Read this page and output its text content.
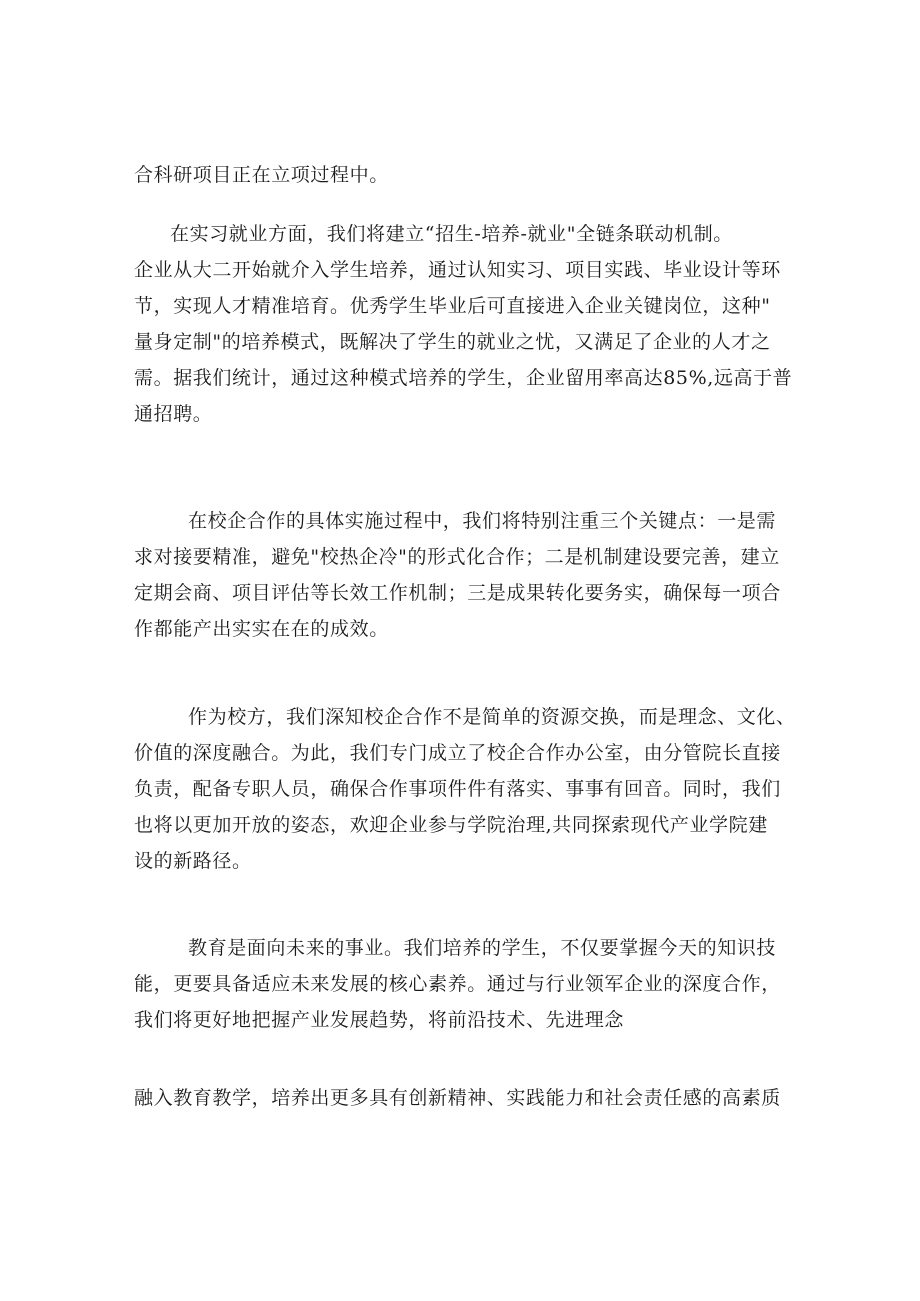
合科研项目正在立项过程中。
在实习就业方面，我们将建立“招生-培养-就业"全链条联动机制。
企业从大二开始就介入学生培养，通过认知实习、项目实践、毕业设计等环
节，实现人才精准培育。优秀学生毕业后可直接进入企业关键岗位，这种"
量身定制"的培养模式，既解决了学生的就业之忧，又满足了企业的人才之
需。据我们统计，通过这种模式培养的学生，企业留用率高达85%,远高于普
通招聘。
在校企合作的具体实施过程中，我们将特别注重三个关键点：一是需
求对接要精准，避免"校热企冷"的形式化合作；二是机制建设要完善，建立
定期会商、项目评估等长效工作机制；三是成果转化要务实，确保每一项合
作都能产出实实在在的成效。
作为校方，我们深知校企合作不是简单的资源交换，而是理念、文化、
价值的深度融合。为此，我们专门成立了校企合作办公室，由分管院长直接
负责，配备专职人员，确保合作事项件件有落实、事事有回音。同时，我们
也将以更加开放的姿态，欢迎企业参与学院治理,共同探索现代产业学院建
设的新路径。
教育是面向未来的事业。我们培养的学生，不仅要掌握今天的知识技
能，更要具备适应未来发展的核心素养。通过与行业领军企业的深度合作，
我们将更好地把握产业发展趋势，将前沿技术、先进理念
融入教育教学，培养出更多具有创新精神、实践能力和社会责任感的高素质
